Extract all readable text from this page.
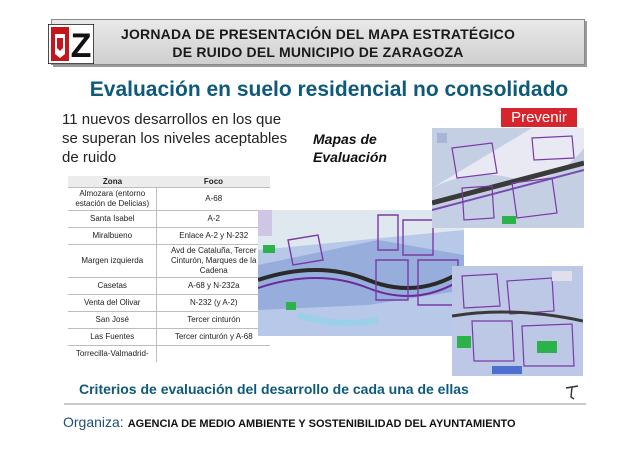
JORNADA DE PRESENTACIÓN DEL MAPA ESTRATÉGICO
DE RUIDO DEL MUNICIPIO DE ZARAGOZA
Z
Evaluación en suelo residencial no consolidado
11 nuevos desarrollos en los que se superan los niveles aceptables de ruido
Mapas de
Evaluación
Prevenir
Zona	Foco
Almozara (entorno estación de Delicias)	A-68
Santa Isabel	A-2
Miralbueno	Enlace A-2 y N-232
Margen izquierda	Avd de Cataluña, Tercer Cinturón, Marques de la Cadena
Casetas	A-68 y N-232a
Venta del Olivar	N-232 (y A-2)
San José	Tercer cinturón
Las Fuentes	Tercer cinturón y A-68
Torrecilla-Valmadrid-	
Criterios de evaluación del desarrollo de cada una de ellas
Organiza: AGENCIA DE MEDIO AMBIENTE Y SOSTENIBILIDAD DEL AYUNTAMIENTO
